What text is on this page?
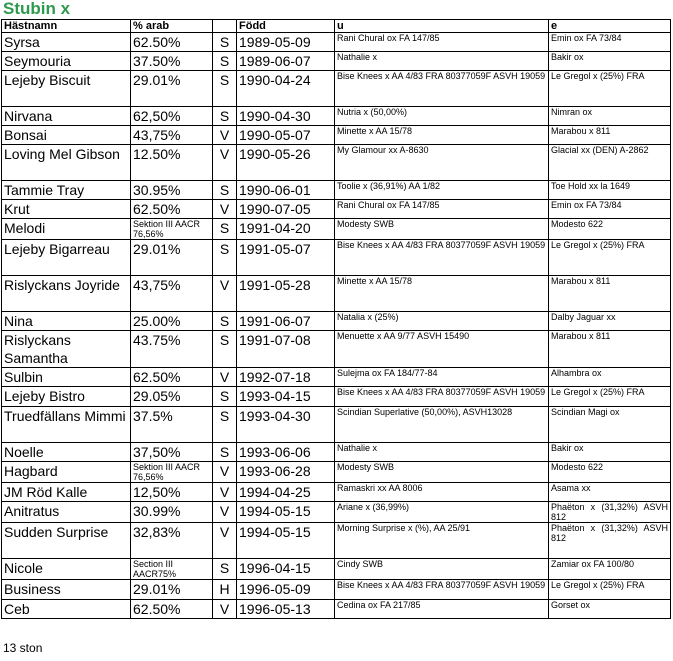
Stubin x
Hästnamn	% arab		Född	u	e
Syrsa	62.50%	S	1989-05-09	Rani Chural ox FA 147/85	Emin ox FA 73/84
Seymouria	37.50%	S	1989-06-07	Nathalie x	Bakir ox
Lejeby Biscuit	29.01%	S	1990-04-24	Bise Knees x AA 4/83 FRA 80377059F ASVH 19059	Le Gregol x (25%) FRA
Nirvana	62,50%	S	1990-04-30	Nutria x (50,00%)	Nimran ox
Bonsai	43,75%	V	1990-05-07	Minette x AA 15/78	Marabou x 811
Loving Mel Gibson	12.50%	V	1990-05-26	My Glamour xx A-8630	Glacial xx (DEN) A-2862
Tammie Tray	30.95%	S	1990-06-01	Toolie x (36,91%) AA 1/82	Toe Hold xx la 1649
Krut	62.50%	V	1990-07-05	Rani Chural ox FA 147/85	Emin ox FA 73/84
Melodi	Sektion III AACR 76,56%	S	1991-04-20	Modesty SWB	Modesto 622
Lejeby Bigarreau	29.01%	S	1991-05-07	Bise Knees x AA 4/83 FRA 80377059F ASVH 19059	Le Gregol x (25%) FRA
Rislyckans Joyride	43,75%	V	1991-05-28	Minette x AA 15/78	Marabou x 811
Nina	25.00%	S	1991-06-07	Natalia x (25%)	Dalby Jaguar xx
Rislyckans Samantha	43.75%	S	1991-07-08	Menuette x AA 9/77 ASVH 15490	Marabou x 811
Sulbin	62.50%	V	1992-07-18	Sulejma ox FA 184/77-84	Alhambra ox
Lejeby Bistro	29.05%	S	1993-04-15	Bise Knees x AA 4/83 FRA 80377059F ASVH 19059	Le Gregol x (25%) FRA
Truedfällans Mimmi	37.5%	S	1993-04-30	Scindian Superlative (50,00%), ASVH13028	Scindian Magi ox
Noelle	37,50%	S	1993-06-06	Nathalie x	Bakir ox
Hagbard	Sektion III AACR 76,56%	V	1993-06-28	Modesty SWB	Modesto 622
JM Röd Kalle	12,50%	V	1994-04-25	Ramaskri xx AA 8006	Asama xx
Anitratus	30.99%	V	1994-05-15	Ariane x (36,99%)	Phaëton x (31,32%) ASVH 812
Sudden Surprise	32,83%	V	1994-05-15	Morning Surprise x (%), AA 25/91	Phaëton x (31,32%) ASVH 812
Nicole	Section III AACR75%	S	1996-04-15	Cindy SWB	Zamiar ox FA 100/80
Business	29.01%	H	1996-05-09	Bise Knees x AA 4/83 FRA 80377059F ASVH 19059	Le Gregol x (25%) FRA
Ceb	62.50%	V	1996-05-13	Cedina ox FA 217/85	Gorset ox
13 ston
